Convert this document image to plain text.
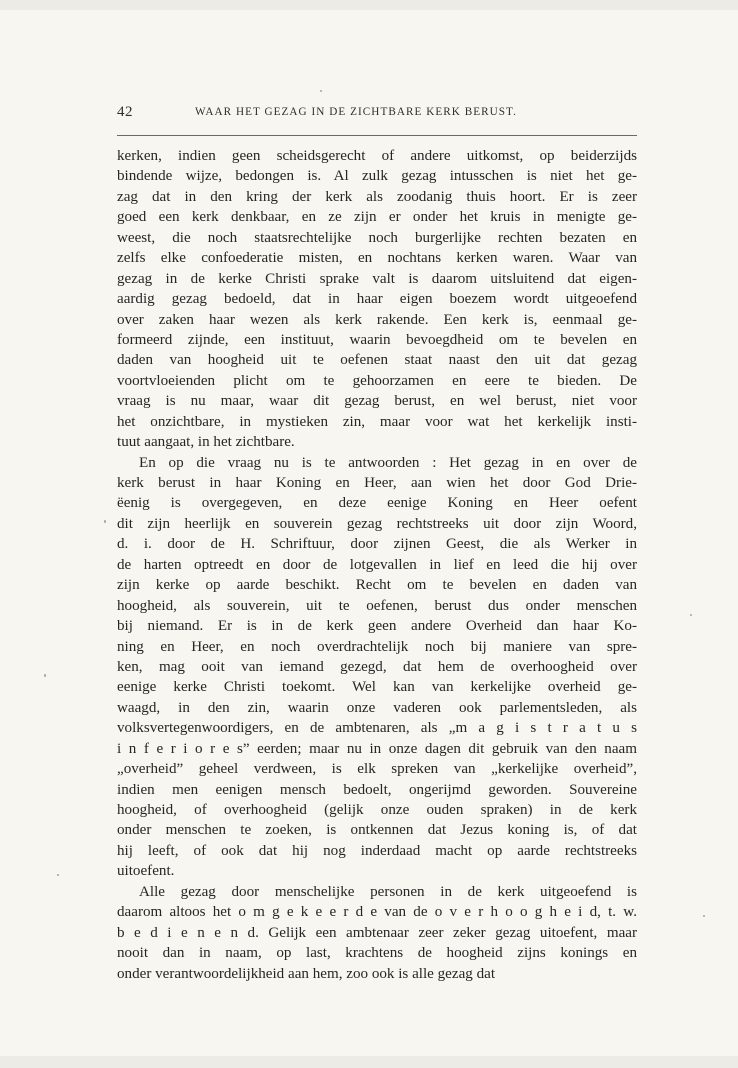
42	WAAR HET GEZAG IN DE ZICHTBARE KERK BERUST.
kerken, indien geen scheidsgerecht of andere uitkomst, op beiderzijds
bindende wijze, bedongen is. Al zulk gezag intusschen is niet het ge-
zag dat in den kring der kerk als zoodanig thuis hoort. Er is zeer
goed een kerk denkbaar, en ze zijn er onder het kruis in menigte ge-
weest, die noch staatsrechtelijke noch burgerlijke rechten bezaten en
zelfs elke confoederatie misten, en nochtans kerken waren. Waar van
gezag in de kerke Christi sprake valt is daarom uitsluitend dat eigen-
aardig gezag bedoeld, dat in haar eigen boezem wordt uitgeoefend
over zaken haar wezen als kerk rakende. Een kerk is, eenmaal ge-
formeerd zijnde, een instituut, waarin bevoegdheid om te bevelen en
daden van hoogheid uit te oefenen staat naast den uit dat gezag
voortvloeienden plicht om te gehoorzamen en eere te bieden. De
vraag is nu maar, waar dit gezag berust, en wel berust, niet voor
het onzichtbare, in mystieken zin, maar voor wat het kerkelijk insti-
tuut aangaat, in het zichtbare.
En op die vraag nu is te antwoorden : Het gezag in en over de
kerk berust in haar Koning en Heer, aan wien het door God Drie-
ëenig is overgegeven, en deze eenige Koning en Heer oefent
dit zijn heerlijk en souverein gezag rechtstreeks uit door zijn Woord,
d. i. door de H. Schriftuur, door zijnen Geest, die als Werker in
de harten optreedt en door de lotgevallen in lief en leed die hij over
zijn kerke op aarde beschikt. Recht om te bevelen en daden van
hoogheid, als souverein, uit te oefenen, berust dus onder menschen
bij niemand. Er is in de kerk geen andere Overheid dan haar Ko-
ning en Heer, en noch overdrachtelijk noch bij maniere van spre-
ken, mag ooit van iemand gezegd, dat hem de overhoogheid over
eenige kerke Christi toekomt. Wel kan van kerkelijke overheid ge-
waagd, in den zin, waarin onze vaderen ook parlementsleden, als
volksvertegenwoordigers, en de ambtenaren, als „m a g i s t r a t u s
i n f e r i o r e s” eerden; maar nu in onze dagen dit gebruik van den naam
„overheid” geheel verdween, is elk spreken van „kerkelijke overheid”,
indien men eenigen mensch bedoelt, ongerijmd geworden. Souvereine
hoogheid, of overhoogheid (gelijk onze ouden spraken) in de kerk
onder menschen te zoeken, is ontkennen dat Jezus koning is, of dat
hij leeft, of ook dat hij nog inderdaad macht op aarde rechtstreeks
uitoefent.
Alle gezag door menschelijke personen in de kerk uitgeoefend is
daarom altoos het o m g e k e e r d e van de o v e r h o o g h e i d, t. w.
b e d i e n e n d. Gelijk een ambtenaar zeer zeker gezag uitoefent, maar
nooit dan in naam, op last, krachtens de hoogheid zijns konings en
onder verantwoordelijkheid aan hem, zoo ook is alle gezag dat
